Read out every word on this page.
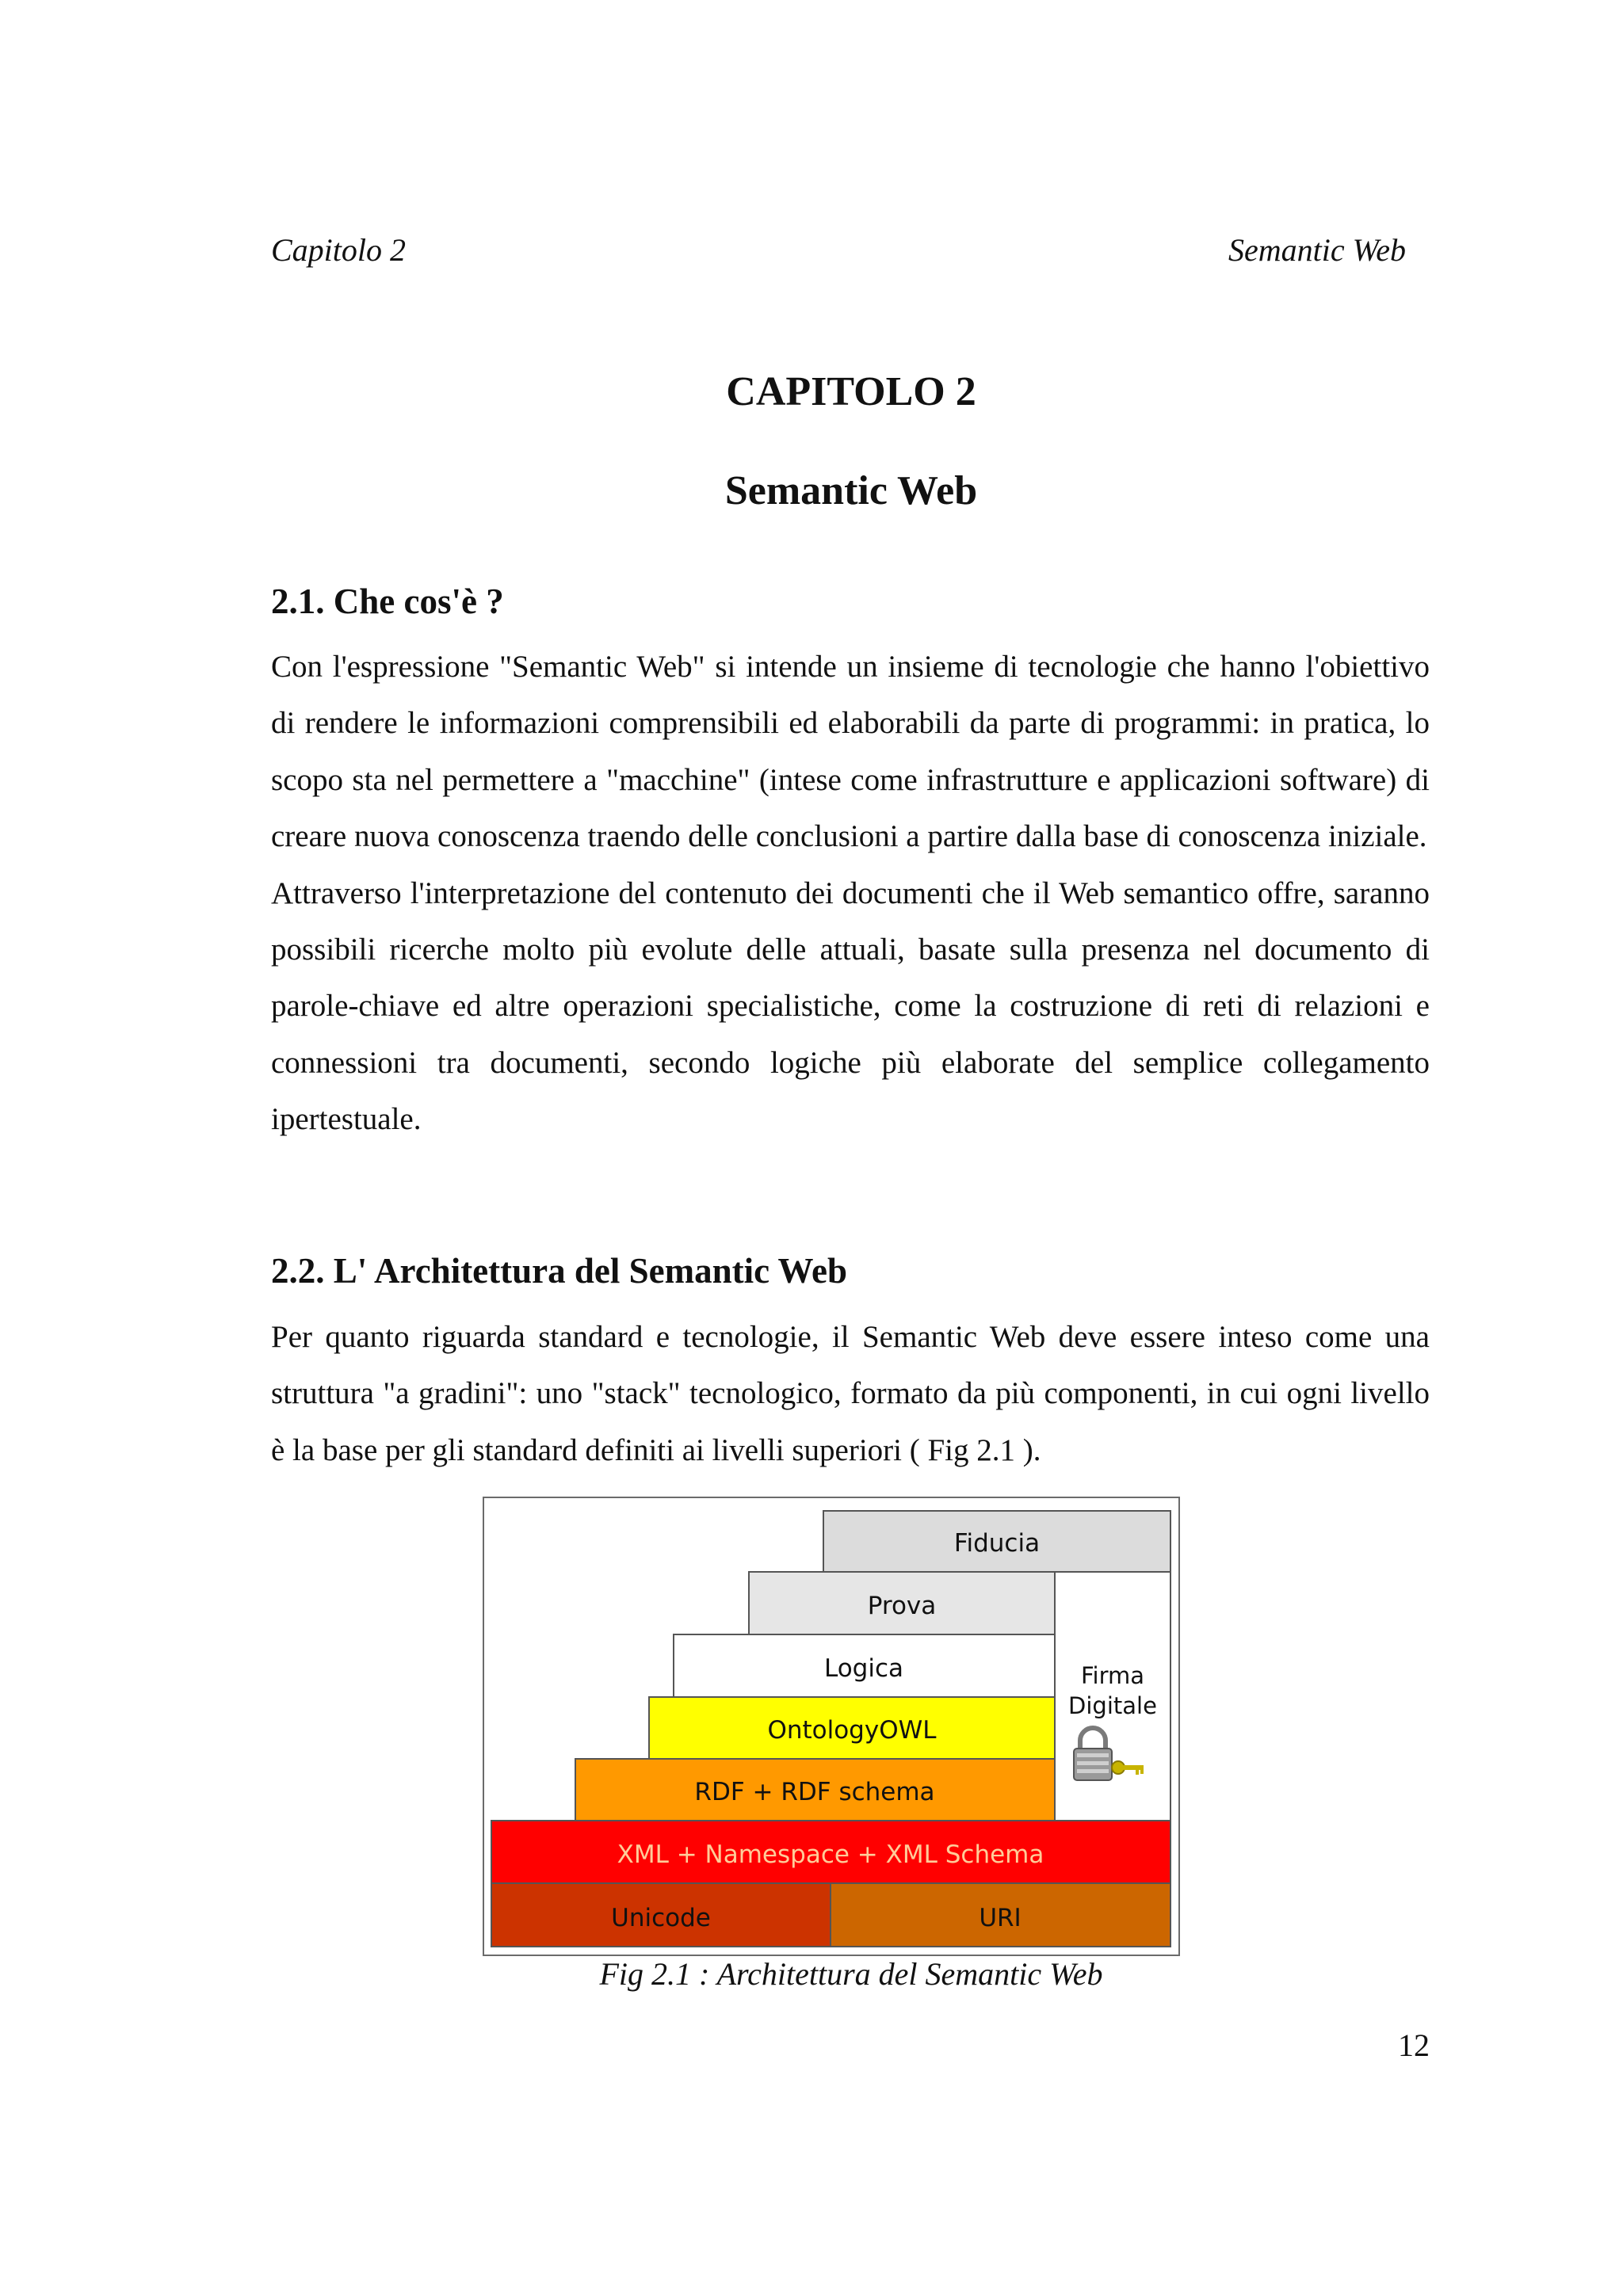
Capitolo 2	Semantic Web
CAPITOLO 2
Semantic Web
2.1. Che cos'è ?

Con l'espressione "Semantic Web" si intende un insieme di tecnologie che hanno l'obiettivo di rendere le informazioni comprensibili ed elaborabili da parte di programmi: in pratica, lo scopo sta nel permettere a "macchine" (intese come infrastrutture e applicazioni software) di creare nuova conoscenza traendo delle conclusioni a partire dalla base di conoscenza iniziale.

Attraverso l'interpretazione del contenuto dei documenti che il Web semantico offre, saranno possibili ricerche molto più evolute delle attuali, basate sulla presenza nel documento di parole-chiave ed altre operazioni specialistiche, come la costruzione di reti di relazioni e connessioni tra documenti, secondo logiche più elaborate del semplice collegamento ipertestuale.

2.2. L' Architettura del Semantic Web

Per quanto riguarda standard e tecnologie, il Semantic Web deve essere inteso come una struttura "a gradini": uno "stack" tecnologico, formato da più componenti, in cui ogni livello è la base per gli standard definiti ai livelli superiori ( Fig 2.1 ).

Fiducia
Firma
Digitale
Prova
Logica
OntologyOWL
RDF + RDF schema
XML + Namespace + XML Schema
Unicode	URI
Fig 2.1 : Architettura del Semantic Web
12
